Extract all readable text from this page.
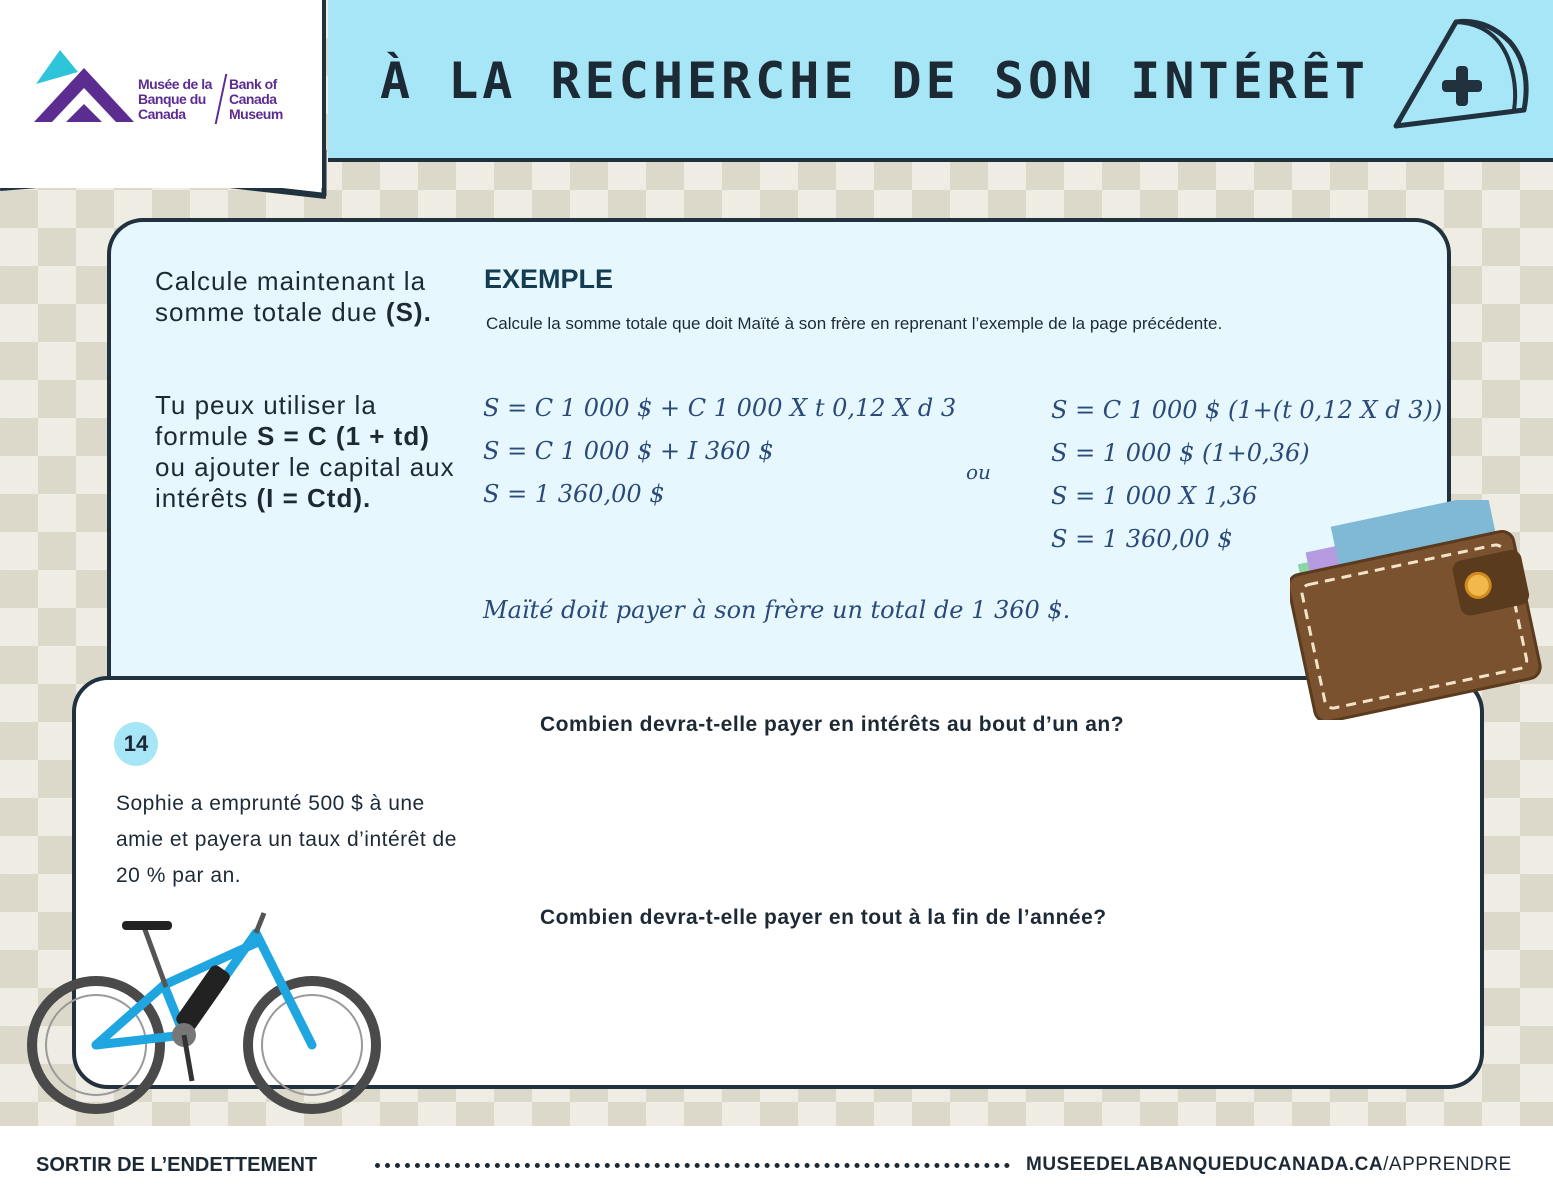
À LA RECHERCHE DE SON INTÉRÊT
Musée de la Banque du Canada
Bank of Canada Museum

Calcule maintenant la somme totale due (S).

Tu peux utiliser la formule S = C (1 + td) ou ajouter le capital aux intérêts (I = Ctd).

EXEMPLE

Calcule la somme totale que doit Maïté à son frère en reprenant l’exemple de la page précédente.

S = C 1 000 $ + C 1 000 X t 0,12 X d 3

S = C 1 000 $ + I 360 $

S = 1 360,00 $

ou

S = C 1 000 $ (1+(t 0,12 X d 3))

S = 1 000 $ (1+0,36)

S = 1 000 X 1,36

S = 1 360,00 $

Maïté doit payer à son frère un total de 1 360 $.

14

Sophie a emprunté 500 $ à une amie et payera un taux d’intérêt de 20 % par an.

Combien devra-t-elle payer en intérêts au bout d’un an?

Combien devra-t-elle payer en tout à la fin de l’année?

SORTIR DE L’ENDETTEMENT	MUSEEDELABANQUEDUCANADA.CA/APPRENDRE
